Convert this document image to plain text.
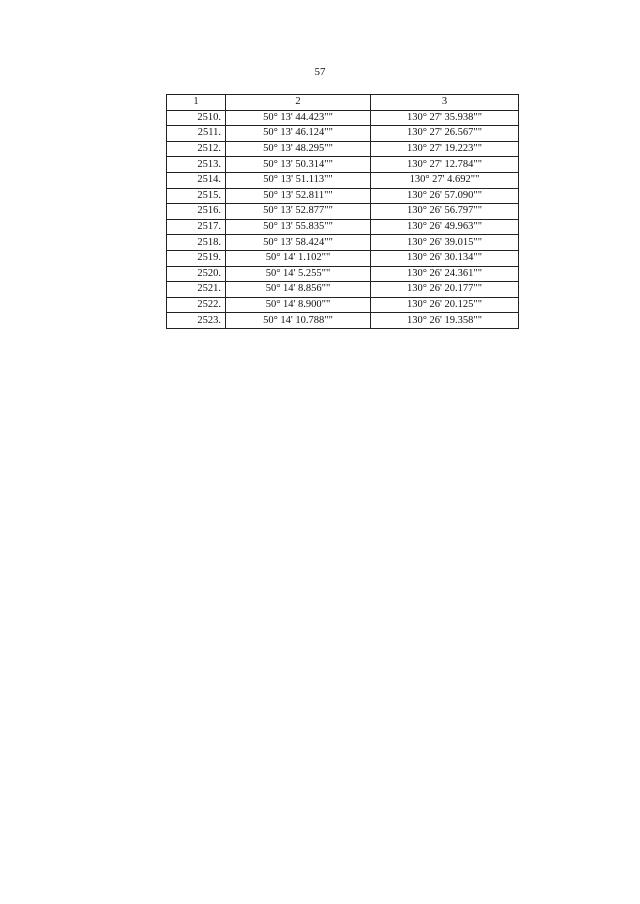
57
1	2	3
2510.	50° 13' 44.423""	130° 27' 35.938""
2511.	50° 13' 46.124""	130° 27' 26.567""
2512.	50° 13' 48.295""	130° 27' 19.223""
2513.	50° 13' 50.314""	130° 27' 12.784""
2514.	50° 13' 51.113""	130° 27' 4.692""
2515.	50° 13' 52.811""	130° 26' 57.090""
2516.	50° 13' 52.877""	130° 26' 56.797""
2517.	50° 13' 55.835""	130° 26' 49.963""
2518.	50° 13' 58.424""	130° 26' 39.015""
2519.	50° 14' 1.102""	130° 26' 30.134""
2520.	50° 14' 5.255""	130° 26' 24.361""
2521.	50° 14' 8.856""	130° 26' 20.177""
2522.	50° 14' 8.900""	130° 26' 20.125""
2523.	50° 14' 10.788""	130° 26' 19.358""
